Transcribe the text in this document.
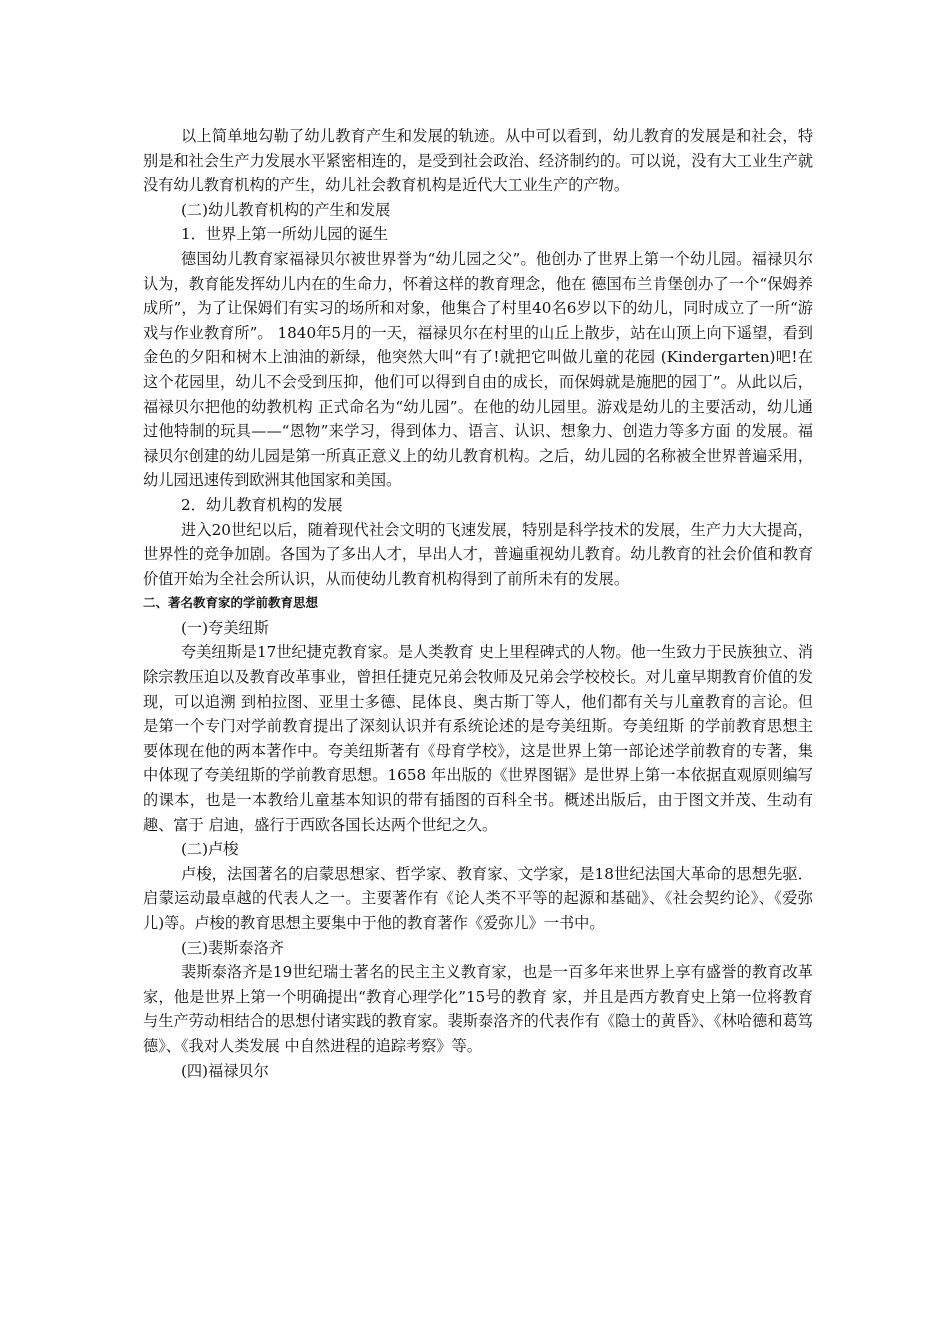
以上简单地勾勒了幼儿教育产生和发展的轨迹。从中可以看到，幼儿教育的发展是和社会，特别是和社会生产力发展水平紧密相连的，是受到社会政治、经济制约的。可以说，没有大工业生产就没有幼儿教育机构的产生，幼儿社会教育机构是近代大工业生产的产物。

(二)幼儿教育机构的产生和发展

1．世界上第一所幼儿园的诞生

德国幼儿教育家福禄贝尔被世界誉为“幼儿园之父”。他创办了世界上第一个幼儿园。福禄贝尔认为，教育能发挥幼儿内在的生命力，怀着这样的教育理念，他在 德国布兰肯堡创办了一个“保姆养成所”，为了让保姆们有实习的场所和对象，他集合了村里40名6岁以下的幼儿，同时成立了一所“游戏与作业教育所”。 1840年5月的一天，福禄贝尔在村里的山丘上散步，站在山顶上向下遥望，看到金色的夕阳和树木上油油的新绿，他突然大叫“有了!就把它叫做儿童的花园 (Kindergarten)吧!在这个花园里，幼儿不会受到压抑，他们可以得到自由的成长，而保姆就是施肥的园丁”。从此以后，福禄贝尔把他的幼教机构 正式命名为“幼儿园”。在他的幼儿园里。游戏是幼儿的主要活动，幼儿通过他特制的玩具——“恩物”来学习，得到体力、语言、认识、想象力、创造力等多方面 的发展。福禄贝尔创建的幼儿园是第一所真正意义上的幼儿教育机构。之后，幼儿园的名称被全世界普遍采用，幼儿园迅速传到欧洲其他国家和美国。

2．幼儿教育机构的发展

进入20世纪以后，随着现代社会文明的飞速发展，特别是科学技术的发展，生产力大大提高，世界性的竞争加剧。各国为了多出人才，早出人才，普遍重视幼儿教育。幼儿教育的社会价值和教育价值开始为全社会所认识，从而使幼儿教育机构得到了前所未有的发展。

二、著名教育家的学前教育思想

(一)夸美纽斯

夸美纽斯是17世纪捷克教育家。是人类教育 史上里程碑式的人物。他一生致力于民族独立、消除宗教压迫以及教育改革事业，曾担任捷克兄弟会牧师及兄弟会学校校长。对儿童早期教育价值的发现，可以追溯 到柏拉图、亚里士多德、昆体良、奥古斯丁等人，他们都有关与儿童教育的言论。但是第一个专门对学前教育提出了深刻认识并有系统论述的是夸美纽斯。夸美纽斯 的学前教育思想主要体现在他的两本著作中。夸美纽斯著有《母育学校》，这是世界上第一部论述学前教育的专著，集中体现了夸美纽斯的学前教育思想。1658 年出版的《世界图锯》是世界上第一本依据直观原则编写的课本，也是一本教给儿童基本知识的带有插图的百科全书。概述出版后，由于图文并茂、生动有趣、富于 启迪，盛行于西欧各国长达两个世纪之久。

(二)卢梭

卢梭，法国著名的启蒙思想家、哲学家、教育家、文学家，是18世纪法国大革命的思想先驱．启蒙运动最卓越的代表人之一。主要著作有《论人类不平等的起源和基础》、《社会契约论》、《爱弥儿)等。卢梭的教育思想主要集中于他的教育著作《爱弥儿》一书中。

(三)裴斯泰洛齐

裴斯泰洛齐是19世纪瑞士著名的民主主义教育家，也是一百多年来世界上享有盛誉的教育改革家，他是世界上第一个明确提出“教育心理学化”15号的教育 家，并且是西方教育史上第一位将教育与生产劳动相结合的思想付诸实践的教育家。裴斯泰洛齐的代表作有《隐士的黄昏》、《林哈德和葛笃德》、《我对人类发展 中自然进程的追踪考察》等。

(四)福禄贝尔
